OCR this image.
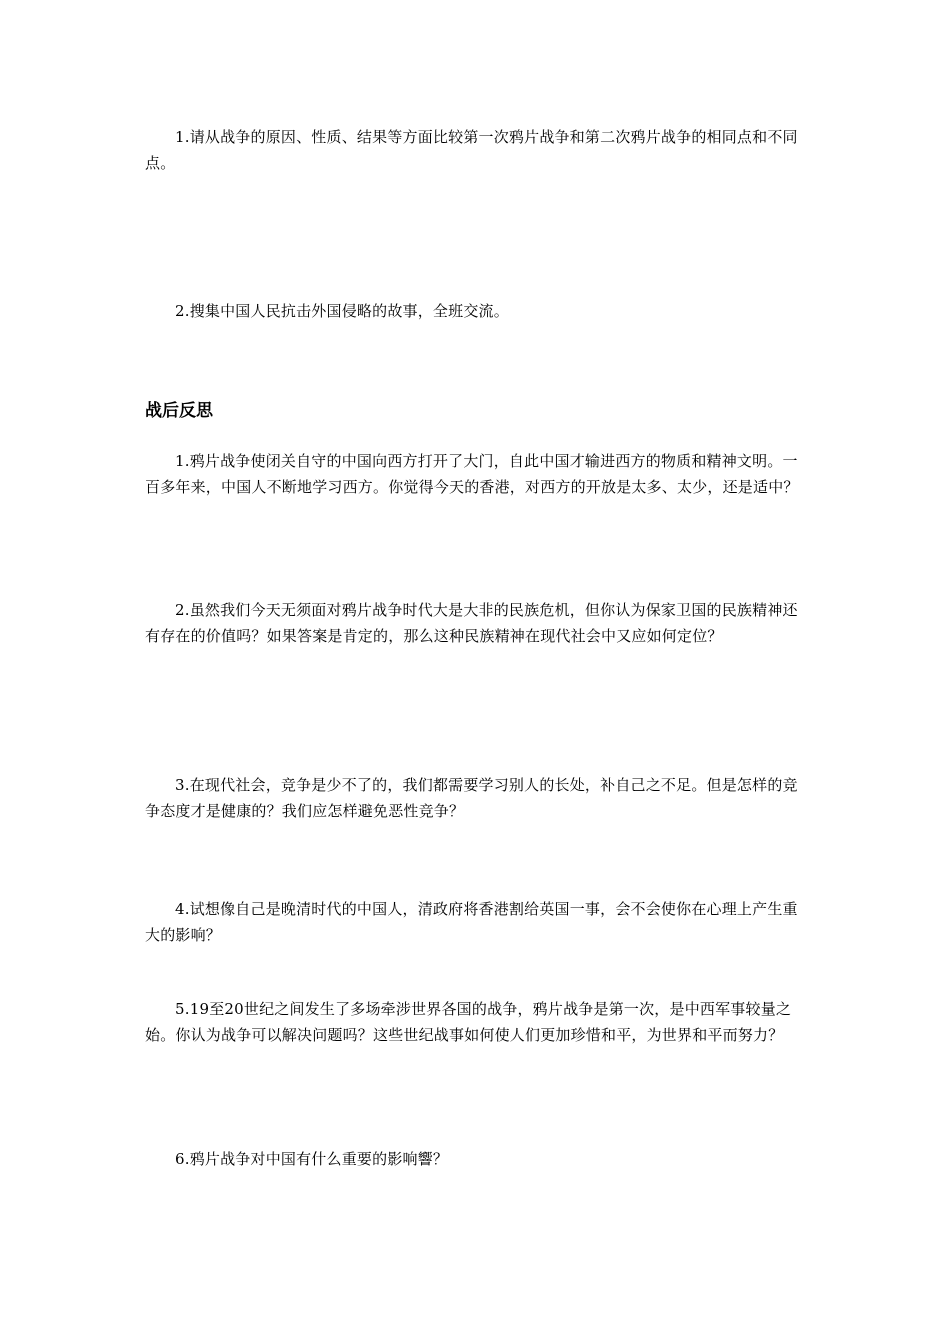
1.请从战争的原因、性质、结果等方面比较第一次鸦片战争和第二次鸦片战争的相同点和不同点。

2.搜集中国人民抗击外国侵略的故事，全班交流。

战后反思

1.鸦片战争使闭关自守的中国向西方打开了大门，自此中国才输进西方的物质和精神文明。一百多年来，中国人不断地学习西方。你觉得今天的香港，对西方的开放是太多、太少，还是适中？

2.虽然我们今天无须面对鸦片战争时代大是大非的民族危机，但你认为保家卫国的民族精神还有存在的价值吗？如果答案是肯定的，那么这种民族精神在现代社会中又应如何定位？

3.在现代社会，竞争是少不了的，我们都需要学习别人的长处，补自己之不足。但是怎样的竞争态度才是健康的？我们应怎样避免恶性竞争？

4.试想像自己是晚清时代的中国人，清政府将香港割给英国一事，会不会使你在心理上产生重大的影响？

5.19至20世纪之间发生了多场牵涉世界各国的战争，鸦片战争是第一次，是中西军事较量之始。你认为战争可以解决问题吗？这些世纪战事如何使人们更加珍惜和平，为世界和平而努力？

6.鸦片战争对中国有什么重要的影响響？
